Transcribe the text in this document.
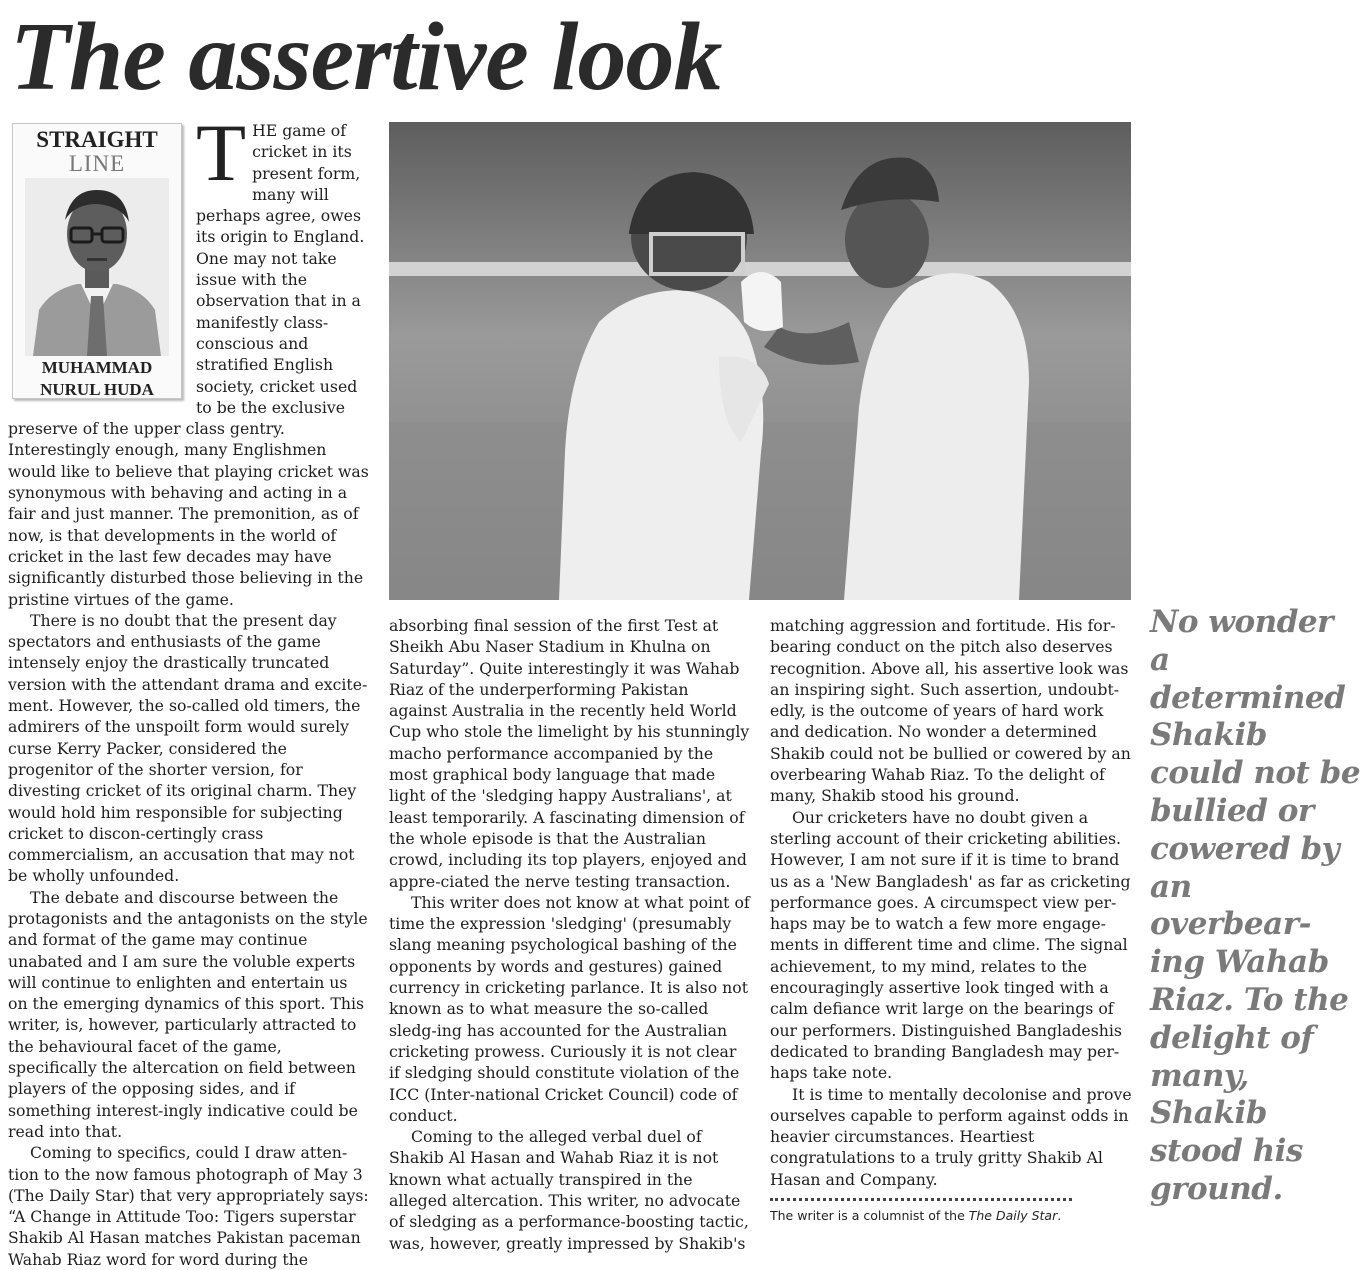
The assertive look
STRAIGHT
LINE
MUHAMMAD
NURUL HUDA

THE game of cricket in its present form, many will perhaps agree, owes its origin to England. One may not take issue with the observation that in a manifestly class-conscious and stratified English society, cricket used to be the exclusive preserve of the upper class gentry. Interestingly enough, many Englishmen would like to believe that playing cricket was synonymous with behaving and acting in a fair and just manner. The premonition, as of now, is that developments in the world of cricket in the last few decades may have significantly disturbed those believing in the pristine virtues of the game.

There is no doubt that the present day spectators and enthusiasts of the game intensely enjoy the drastically truncated version with the attendant drama and excite-ment. However, the so-called old timers, the admirers of the unspoilt form would surely curse Kerry Packer, considered the progenitor of the shorter version, for divesting cricket of its original charm. They would hold him responsible for subjecting cricket to discon-certingly crass commercialism, an accusation that may not be wholly unfounded.

The debate and discourse between the protagonists and the antagonists on the style and format of the game may continue unabated and I am sure the voluble experts will continue to enlighten and entertain us on the emerging dynamics of this sport. This writer, is, however, particularly attracted to the behavioural facet of the game, specifically the altercation on field between players of the opposing sides, and if something interest-ingly indicative could be read into that.

Coming to specifics, could I draw atten-tion to the now famous photograph of May 3 (The Daily Star) that very appropriately says: “A Change in Attitude Too: Tigers superstar Shakib Al Hasan matches Pakistan paceman Wahab Riaz word for word during the

absorbing final session of the first Test at Sheikh Abu Naser Stadium in Khulna on Saturday”. Quite interestingly it was Wahab Riaz of the underperforming Pakistan against Australia in the recently held World Cup who stole the limelight by his stunningly macho performance accompanied by the most graphical body language that made light of the 'sledging happy Australians', at least temporarily. A fascinating dimension of the whole episode is that the Australian crowd, including its top players, enjoyed and appre-ciated the nerve testing transaction.

This writer does not know at what point of time the expression 'sledging' (presumably slang meaning psychological bashing of the opponents by words and gestures) gained currency in cricketing parlance. It is also not known as to what measure the so-called sledg-ing has accounted for the Australian cricketing prowess. Curiously it is not clear if sledging should constitute violation of the ICC (Inter-national Cricket Council) code of conduct.

Coming to the alleged verbal duel of Shakib Al Hasan and Wahab Riaz it is not known what actually transpired in the alleged altercation. This writer, no advocate of sledging as a performance-boosting tactic, was, however, greatly impressed by Shakib's

matching aggression and fortitude. His for-bearing conduct on the pitch also deserves recognition. Above all, his assertive look was an inspiring sight. Such assertion, undoubt-edly, is the outcome of years of hard work and dedication. No wonder a determined Shakib could not be bullied or cowered by an overbearing Wahab Riaz. To the delight of many, Shakib stood his ground.

Our cricketers have no doubt given a sterling account of their cricketing abilities. However, I am not sure if it is time to brand us as a 'New Bangladesh' as far as cricketing performance goes. A circumspect view per-haps may be to watch a few more engage-ments in different time and clime. The signal achievement, to my mind, relates to the encouragingly assertive look tinged with a calm defiance writ large on the bearings of our performers. Distinguished Bangladeshis dedicated to branding Bangladesh may per-haps take note.

It is time to mentally decolonise and prove ourselves capable to perform against odds in heavier circumstances. Heartiest congratulations to a truly gritty Shakib Al Hasan and Company.

No wonder a determined Shakib could not be bullied or cowered by an overbear-ing Wahab Riaz. To the delight of many, Shakib stood his ground.

The writer is a columnist of the The Daily Star.
